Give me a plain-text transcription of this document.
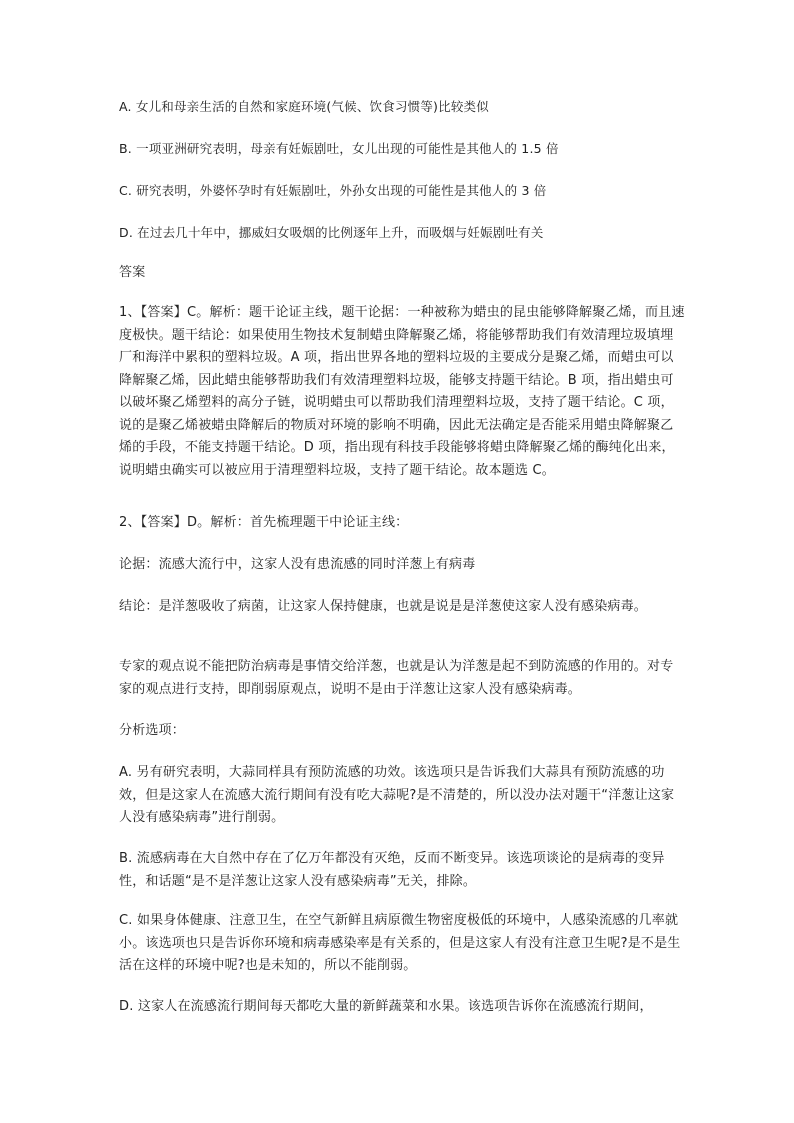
A. 女儿和母亲生活的自然和家庭环境(气候、饮食习惯等)比较类似

B. 一项亚洲研究表明，母亲有妊娠剧吐，女儿出现的可能性是其他人的 1.5 倍

C. 研究表明，外婆怀孕时有妊娠剧吐，外孙女出现的可能性是其他人的 3 倍

D. 在过去几十年中，挪威妇女吸烟的比例逐年上升，而吸烟与妊娠剧吐有关

答案

1、【答案】C。解析：题干论证主线，题干论据：一种被称为蜡虫的昆虫能够降解聚乙烯，而且速度极快。题干结论：如果使用生物技术复制蜡虫降解聚乙烯，将能够帮助我们有效清理垃圾填埋厂和海洋中累积的塑料垃圾。A 项，指出世界各地的塑料垃圾的主要成分是聚乙烯，而蜡虫可以降解聚乙烯，因此蜡虫能够帮助我们有效清理塑料垃圾，能够支持题干结论。B 项，指出蜡虫可以破坏聚乙烯塑料的高分子链，说明蜡虫可以帮助我们清理塑料垃圾，支持了题干结论。C 项，说的是聚乙烯被蜡虫降解后的物质对环境的影响不明确，因此无法确定是否能采用蜡虫降解聚乙烯的手段，不能支持题干结论。D 项，指出现有科技手段能够将蜡虫降解聚乙烯的酶纯化出来，说明蜡虫确实可以被应用于清理塑料垃圾，支持了题干结论。故本题选 C。

2、【答案】D。解析：首先梳理题干中论证主线：

论据：流感大流行中，这家人没有患流感的同时洋葱上有病毒

结论：是洋葱吸收了病菌，让这家人保持健康，也就是说是是洋葱使这家人没有感染病毒。

专家的观点说不能把防治病毒是事情交给洋葱，也就是认为洋葱是起不到防流感的作用的。对专家的观点进行支持，即削弱原观点，说明不是由于洋葱让这家人没有感染病毒。

分析选项：

A. 另有研究表明，大蒜同样具有预防流感的功效。该选项只是告诉我们大蒜具有预防流感的功效，但是这家人在流感大流行期间有没有吃大蒜呢?是不清楚的，所以没办法对题干“洋葱让这家人没有感染病毒”进行削弱。

B. 流感病毒在大自然中存在了亿万年都没有灭绝，反而不断变异。该选项谈论的是病毒的变异性，和话题“是不是洋葱让这家人没有感染病毒”无关，排除。

C. 如果身体健康、注意卫生，在空气新鲜且病原微生物密度极低的环境中，人感染流感的几率就小。该选项也只是告诉你环境和病毒感染率是有关系的，但是这家人有没有注意卫生呢?是不是生活在这样的环境中呢?也是未知的，所以不能削弱。

D. 这家人在流感流行期间每天都吃大量的新鲜蔬菜和水果。该选项告诉你在流感流行期间，
